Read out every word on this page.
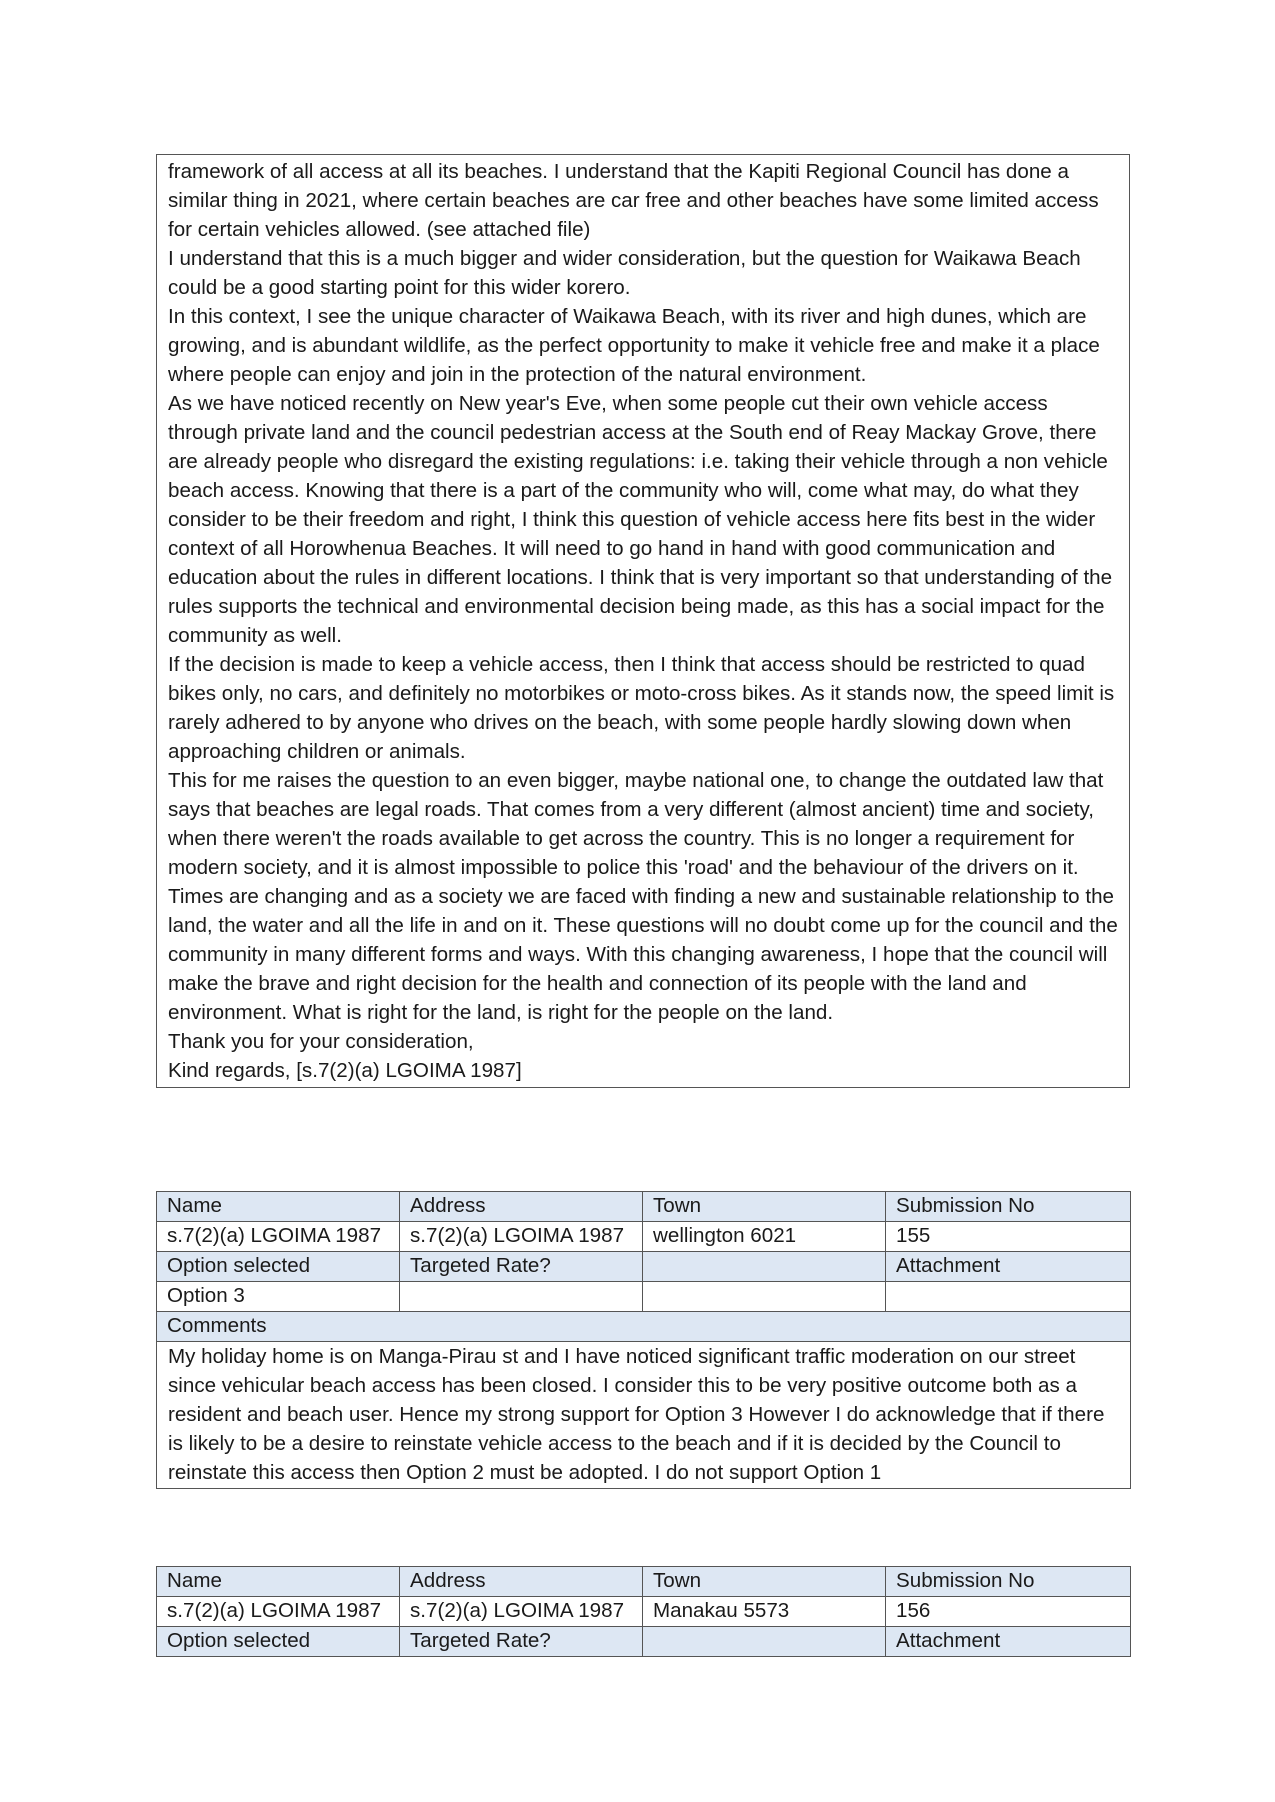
framework of all access at all its beaches. I understand that the Kapiti Regional Council has done a similar thing in 2021, where certain beaches are car free and other beaches have some limited access for certain vehicles allowed. (see attached file)

I understand that this is a much bigger and wider consideration, but the question for Waikawa Beach could be a good starting point for this wider korero.

In this context, I see the unique character of Waikawa Beach, with its river and high dunes, which are growing, and is abundant wildlife, as the perfect opportunity to make it vehicle free and make it a place where people can enjoy and join in the protection of the natural environment.

As we have noticed recently on New year's Eve, when some people cut their own vehicle access through private land and the council pedestrian access at the South end of Reay Mackay Grove, there are already people who disregard the existing regulations: i.e. taking their vehicle through a non vehicle beach access. Knowing that there is a part of the community who will, come what may, do what they consider to be their freedom and right, I think this question of vehicle access here fits best in the wider context of all Horowhenua Beaches. It will need to go hand in hand with good communication and education about the rules in different locations. I think that is very important so that understanding of the rules supports the technical and environmental decision being made, as this has a social impact for the community as well.

If the decision is made to keep a vehicle access, then I think that access should be restricted to quad bikes only, no cars, and definitely no motorbikes or moto-cross bikes. As it stands now, the speed limit is rarely adhered to by anyone who drives on the beach, with some people hardly slowing down when approaching children or animals.

This for me raises the question to an even bigger, maybe national one, to change the outdated law that says that beaches are legal roads. That comes from a very different (almost ancient) time and society, when there weren't the roads available to get across the country. This is no longer a requirement for modern society, and it is almost impossible to police this 'road' and the behaviour of the drivers on it.

Times are changing and as a society we are faced with finding a new and sustainable relationship to the land, the water and all the life in and on it. These questions will no doubt come up for the council and the community in many different forms and ways. With this changing awareness, I hope that the council will make the brave and right decision for the health and connection of its people with the land and environment. What is right for the land, is right for the people on the land.

Thank you for your consideration,

Kind regards, [s.7(2)(a) LGOIMA 1987]

Name	Address	Town	Submission No
s.7(2)(a) LGOIMA 1987	s.7(2)(a) LGOIMA 1987	wellington 6021	155
Option selected	Targeted Rate?		Attachment
Option 3			
Comments			
My holiday home is on Manga-Pirau st and I have noticed significant traffic moderation on our street since vehicular beach access has been closed. I consider this to be very positive outcome both as a resident and beach user. Hence my strong support for Option 3 However I do acknowledge that if there is likely to be a desire to reinstate vehicle access to the beach and if it is decided by the Council to reinstate this access then Option 2 must be adopted. I do not support Option 1			
Name	Address	Town	Submission No
s.7(2)(a) LGOIMA 1987	s.7(2)(a) LGOIMA 1987	Manakau 5573	156
Option selected	Targeted Rate?		Attachment
